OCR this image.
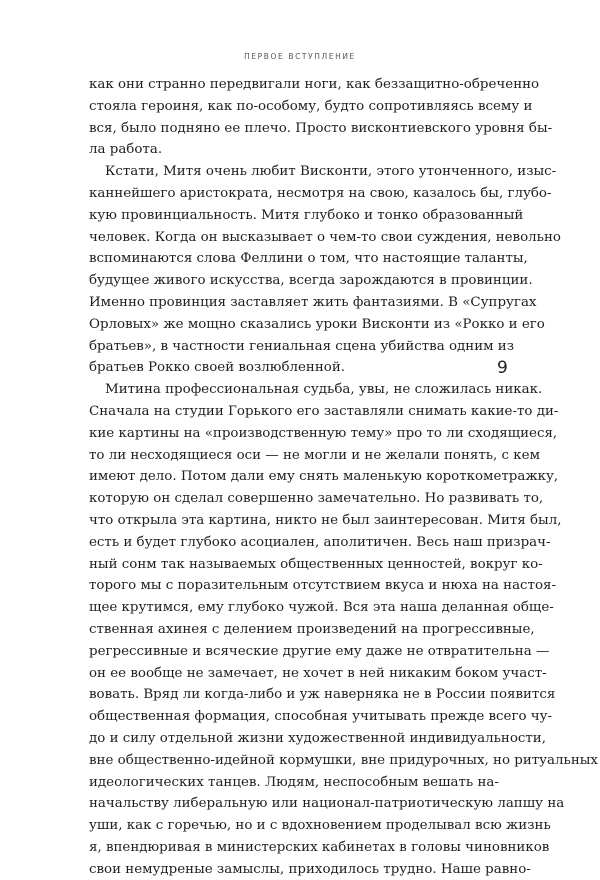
ПЕРВОЕ ВСТУПЛЕНИЕ
как они странно передвигали ноги, как беззащитно-обреченно
стояла героиня, как по-особому, будто сопротивляясь всему и
вся, было подняно ее плечо. Просто висконтиевского уровня бы-
ла работа.
Кстати, Митя очень любит Висконти, этого утонченного, изыс-
каннейшего аристократа, несмотря на свою, казалось бы, глубо-
кую провинциальность. Митя глубоко и тонко образованный
человек. Когда он высказывает о чем-то свои суждения, невольно
вспоминаются слова Феллини о том, что настоящие таланты,
будущее живого искусства, всегда зарождаются в провинции.
Именно провинция заставляет жить фантазиями. В «Супругах
Орловых» же мощно сказались уроки Висконти из «Рокко и его
братьев», в частности гениальная сцена убийства одним из
братьев Рокко своей возлюбленной.
Митина профессиональная судьба, увы, не сложилась никак.
Сначала на студии Горького его заставляли снимать какие-то ди-
кие картины на «производственную тему» про то ли сходящиеся,
то ли несходящиеся оси — не могли и не желали понять, с кем
имеют дело. Потом дали ему снять маленькую короткометражку,
которую он сделал совершенно замечательно. Но развивать то,
что открыла эта картина, никто не был заинтересован. Митя был,
есть и будет глубоко асоциален, аполитичен. Весь наш призрач-
ный сонм так называемых общественных ценностей, вокруг ко-
торого мы с поразительным отсутствием вкуса и нюха на настоя-
щее крутимся, ему глубоко чужой. Вся эта наша деланная обще-
ственная ахинея с делением произведений на прогрессивные,
регрессивные и всяческие другие ему даже не отвратительна —
он ее вообще не замечает, не хочет в ней никаким боком участ-
вовать. Вряд ли когда-либо и уж наверняка не в России появится
общественная формация, способная учитывать прежде всего чу-
до и силу отдельной жизни художественной индивидуальности,
вне общественно-идейной кормушки, вне придурочных, но ритуальных
идеологических танцев. Людям, неспособным вешать на-
начальству либеральную или национал-патриотическую лапшу на
уши, как с горечью, но и с вдохновением проделывал всю жизнь
я, впендюривая в министерских кабинетах в головы чиновников
свои немудреные замыслы, приходилось трудно. Наше равно-
9
